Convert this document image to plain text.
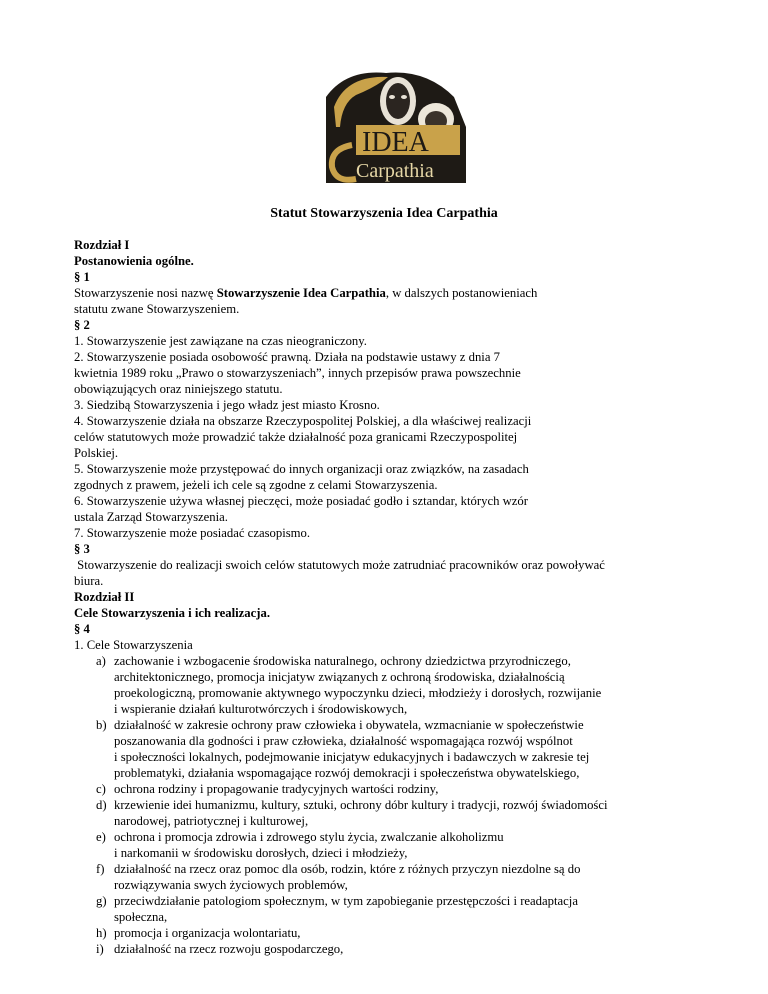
IDEA
Carpathia
Statut Stowarzyszenia Idea Carpathia

Rozdział I

Postanowienia ogólne.

§ 1

Stowarzyszenie nosi nazwę Stowarzyszenie Idea Carpathia, w dalszych postanowieniach

statutu zwane Stowarzyszeniem.

§ 2

1. Stowarzyszenie jest zawiązane na czas nieograniczony.

2. Stowarzyszenie posiada osobowość prawną. Działa na podstawie ustawy z dnia 7

kwietnia 1989 roku „Prawo o stowarzyszeniach”, innych przepisów prawa powszechnie

obowiązujących oraz niniejszego statutu.

3. Siedzibą Stowarzyszenia i jego władz jest miasto Krosno.

4. Stowarzyszenie działa na obszarze Rzeczypospolitej Polskiej, a dla właściwej realizacji

celów statutowych może prowadzić także działalność poza granicami Rzeczypospolitej

Polskiej.

5. Stowarzyszenie może przystępować do innych organizacji oraz związków, na zasadach

zgodnych z prawem, jeżeli ich cele są zgodne z celami Stowarzyszenia.

6. Stowarzyszenie używa własnej pieczęci, może posiadać godło i sztandar, których wzór

ustala Zarząd Stowarzyszenia.

7. Stowarzyszenie może posiadać czasopismo.

§ 3

Stowarzyszenie do realizacji swoich celów statutowych może zatrudniać pracowników oraz powoływać

biura.

Rozdział II

Cele Stowarzyszenia i ich realizacja.

§ 4

1. Cele Stowarzyszenia

a) zachowanie i wzbogacenie środowiska naturalnego, ochrony dziedzictwa przyrodniczego,
architektonicznego, promocja inicjatyw związanych z ochroną środowiska, działalnością
proekologiczną, promowanie aktywnego wypoczynku dzieci, młodzieży i dorosłych, rozwijanie
i wspieranie działań kulturotwórczych i środowiskowych,
b) działalność w zakresie ochrony praw człowieka i obywatela, wzmacnianie w społeczeństwie
poszanowania dla godności i praw człowieka, działalność wspomagająca rozwój wspólnot
i społeczności lokalnych, podejmowanie inicjatyw edukacyjnych i badawczych w zakresie tej
problematyki, działania wspomagające rozwój demokracji i społeczeństwa obywatelskiego,
c) ochrona rodziny i propagowanie tradycyjnych wartości rodziny,
d) krzewienie idei humanizmu, kultury, sztuki, ochrony dóbr kultury i tradycji, rozwój świadomości
narodowej, patriotycznej i kulturowej,
e) ochrona i promocja zdrowia i zdrowego stylu życia, zwalczanie alkoholizmu
i narkomanii w środowisku dorosłych, dzieci i młodzieży,
f) działalność na rzecz oraz pomoc dla osób, rodzin, które z różnych przyczyn niezdolne są do
rozwiązywania swych życiowych problemów,
g) przeciwdziałanie patologiom społecznym, w tym zapobieganie przestępczości i readaptacja
społeczna,
h) promocja i organizacja wolontariatu,
i) działalność na rzecz rozwoju gospodarczego,
